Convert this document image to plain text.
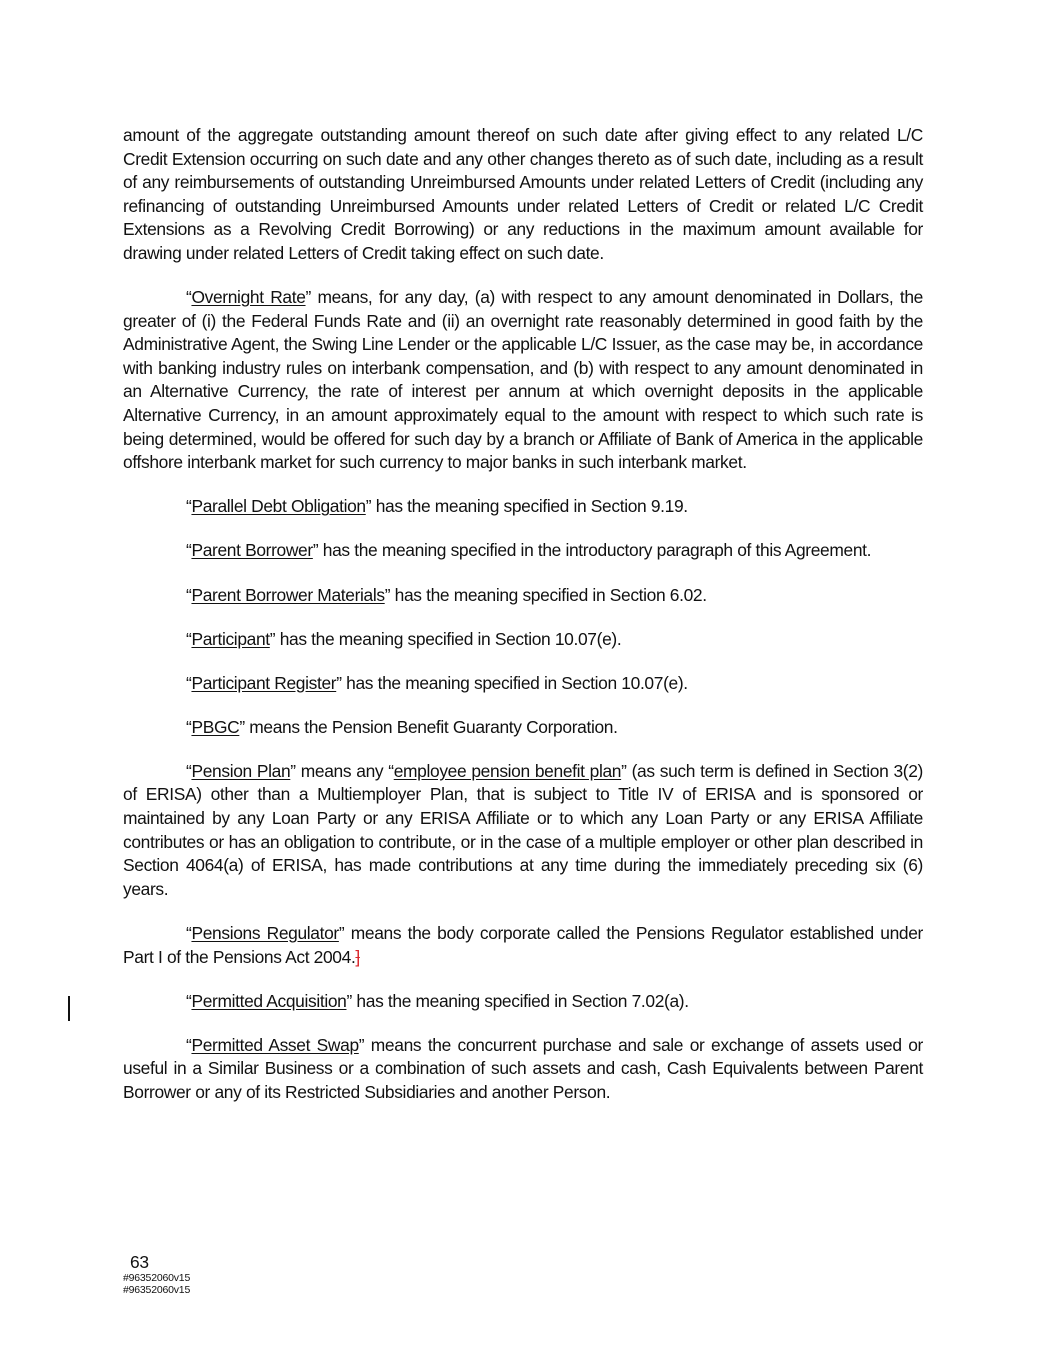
amount of the aggregate outstanding amount thereof on such date after giving effect to any related L/C Credit Extension occurring on such date and any other changes thereto as of such date, including as a result of any reimbursements of outstanding Unreimbursed Amounts under related Letters of Credit (including any refinancing of outstanding Unreimbursed Amounts under related Letters of Credit or related L/C Credit Extensions as a Revolving Credit Borrowing) or any reductions in the maximum amount available for drawing under related Letters of Credit taking effect on such date.

“Overnight Rate” means, for any day, (a) with respect to any amount denominated in Dollars, the greater of (i) the Federal Funds Rate and (ii) an overnight rate reasonably determined in good faith by the Administrative Agent, the Swing Line Lender or the applicable L/C Issuer, as the case may be, in accordance with banking industry rules on interbank compensation, and (b) with respect to any amount denominated in an Alternative Currency, the rate of interest per annum at which overnight deposits in the applicable Alternative Currency, in an amount approximately equal to the amount with respect to which such rate is being determined, would be offered for such day by a branch or Affiliate of Bank of America in the applicable offshore interbank market for such currency to major banks in such interbank market.

“Parallel Debt Obligation” has the meaning specified in Section 9.19.

“Parent Borrower” has the meaning specified in the introductory paragraph of this Agreement.

“Parent Borrower Materials” has the meaning specified in Section 6.02.

“Participant” has the meaning specified in Section 10.07(e).

“Participant Register” has the meaning specified in Section 10.07(e).

“PBGC” means the Pension Benefit Guaranty Corporation.

“Pension Plan” means any “employee pension benefit plan” (as such term is defined in Section 3(2) of ERISA) other than a Multiemployer Plan, that is subject to Title IV of ERISA and is sponsored or maintained by any Loan Party or any ERISA Affiliate or to which any Loan Party or any ERISA Affiliate contributes or has an obligation to contribute, or in the case of a multiple employer or other plan described in Section 4064(a) of ERISA, has made contributions at any time during the immediately preceding six (6) years.

“Pensions Regulator” means the body corporate called the Pensions Regulator established under Part I of the Pensions Act 2004.]

“Permitted Acquisition” has the meaning specified in Section 7.02(a).

“Permitted Asset Swap” means the concurrent purchase and sale or exchange of assets used or useful in a Similar Business or a combination of such assets and cash, Cash Equivalents between Parent Borrower or any of its Restricted Subsidiaries and another Person.

63
#96352060v15
#96352060v15
